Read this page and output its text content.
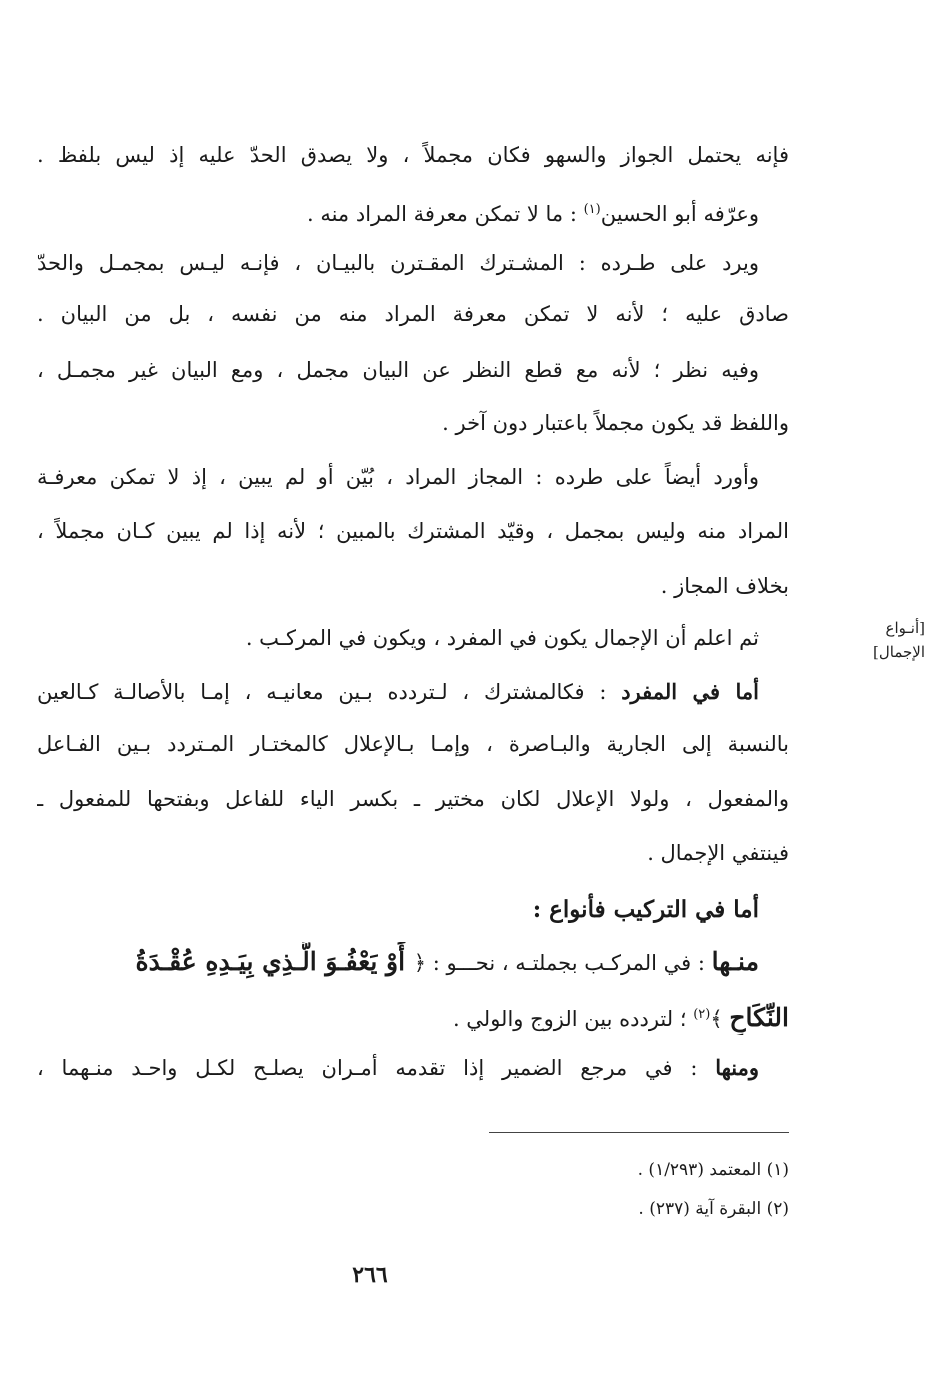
فإنه يحتمل الجواز والسهو فكان مجملاً ، ولا يصدق الحدّ عليه إذ ليس بلفظ .
وعرّفه أبو الحسين$^{(١)}$ : ما لا تمكن معرفة المراد منه .
ويرد على طـرده : المشـترك المقـترن بالبيـان ، فإنـه ليـس بمجمـل والحدّ
صادق عليه ؛ لأنه لا تمكن معرفة المراد منه من نفسه ، بل من البيان .
وفيه نظر ؛ لأنه مع قطع النظر عن البيان مجمل ، ومع البيان غير مجمـل ،
واللفظ قد يكون مجملاً باعتبار دون آخر .
وأورد أيضاً على طرده : المجاز المراد ، بُيّن أو لم يبين ، إذ لا تمكن معرفـة
المراد منه وليس بمجمل ، وقيّد المشترك بالمبين ؛ لأنه إذا لم يبين كـان مجملاً ،
بخلاف المجاز .
ثم اعلم أن الإجمال يكون في المفرد ، ويكون في المركـب .	[أنـواع
الإجمال]
أما في المفرد : فكالمشترك ، لـتردده بـين معانيـه ، إمـا بالأصالـة كـالعين
بالنسبة إلى الجارية والبـاصرة ، وإمـا بـالإعلال كالمختـار المـتردد بـين الفـاعل
والمفعول ، ولولا الإعلال لكان مختير ـ بكسر الياء للفاعل وبفتحها للمفعول ـ
فينتفي الإجمال .
أما في التركيب فأنواع :
منـها : في المركـب بجملتـه ، نحـــو : ﴿ أَوْ يَعْفُـوَ الَّـذِي بِيَـدِهِ عُقْـدَةُ
النِّكَاحِ ﴾$^{(٢)}$ ؛ لتردده بين الزوج والولي .
ومنها : في مرجع الضمير إذا تقدمه أمـران يصلـح لكـل واحـد منـهما ،
(١) المعتمد (١/٢٩٣) .
(٢) البقرة آية (٢٣٧) .
٢٦٦
